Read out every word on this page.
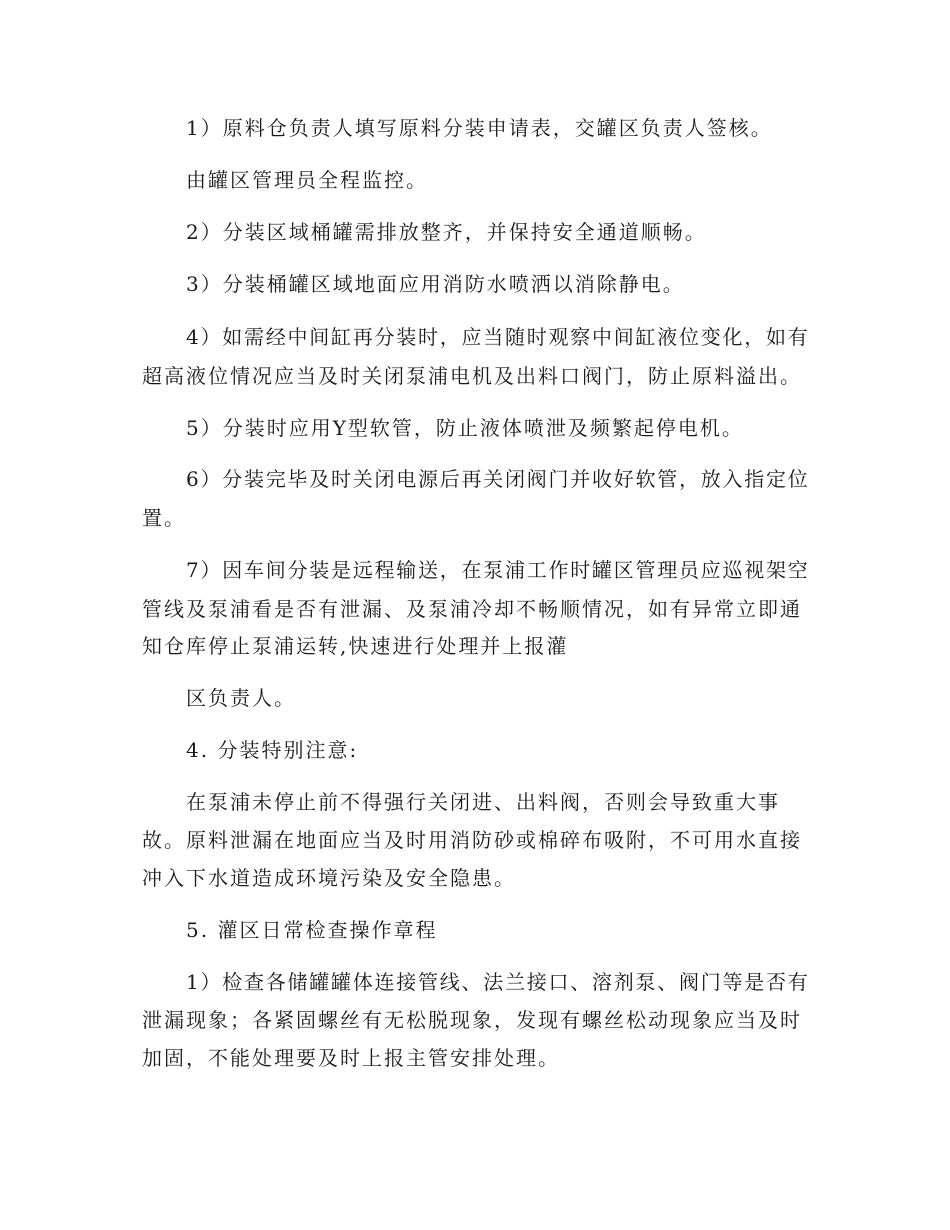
1）原料仓负责人填写原料分装申请表，交罐区负责人签核。

由罐区管理员全程监控。

2）分装区域桶罐需排放整齐，并保持安全通道顺畅。

3）分装桶罐区域地面应用消防水喷洒以消除静电。

4）如需经中间缸再分装时，应当随时观察中间缸液位变化，如有

超高液位情况应当及时关闭泵浦电机及出料口阀门，防止原料溢出。

5）分装时应用Y型软管，防止液体喷泄及频繁起停电机。

6）分装完毕及时关闭电源后再关闭阀门并收好软管，放入指定位

置。

7）因车间分装是远程输送，在泵浦工作时罐区管理员应巡视架空

管线及泵浦看是否有泄漏、及泵浦冷却不畅顺情况，如有异常立即通

知仓库停止泵浦运转,快速进行处理并上报灌

区负责人。

4. 分装特别注意:

在泵浦未停止前不得强行关闭进、出料阀，否则会导致重大事

故。原料泄漏在地面应当及时用消防砂或棉碎布吸附，不可用水直接

冲入下水道造成环境污染及安全隐患。

5. 灌区日常检查操作章程

1）检查各储罐罐体连接管线、法兰接口、溶剂泵、阀门等是否有

泄漏现象；各紧固螺丝有无松脱现象，发现有螺丝松动现象应当及时

加固，不能处理要及时上报主管安排处理。
